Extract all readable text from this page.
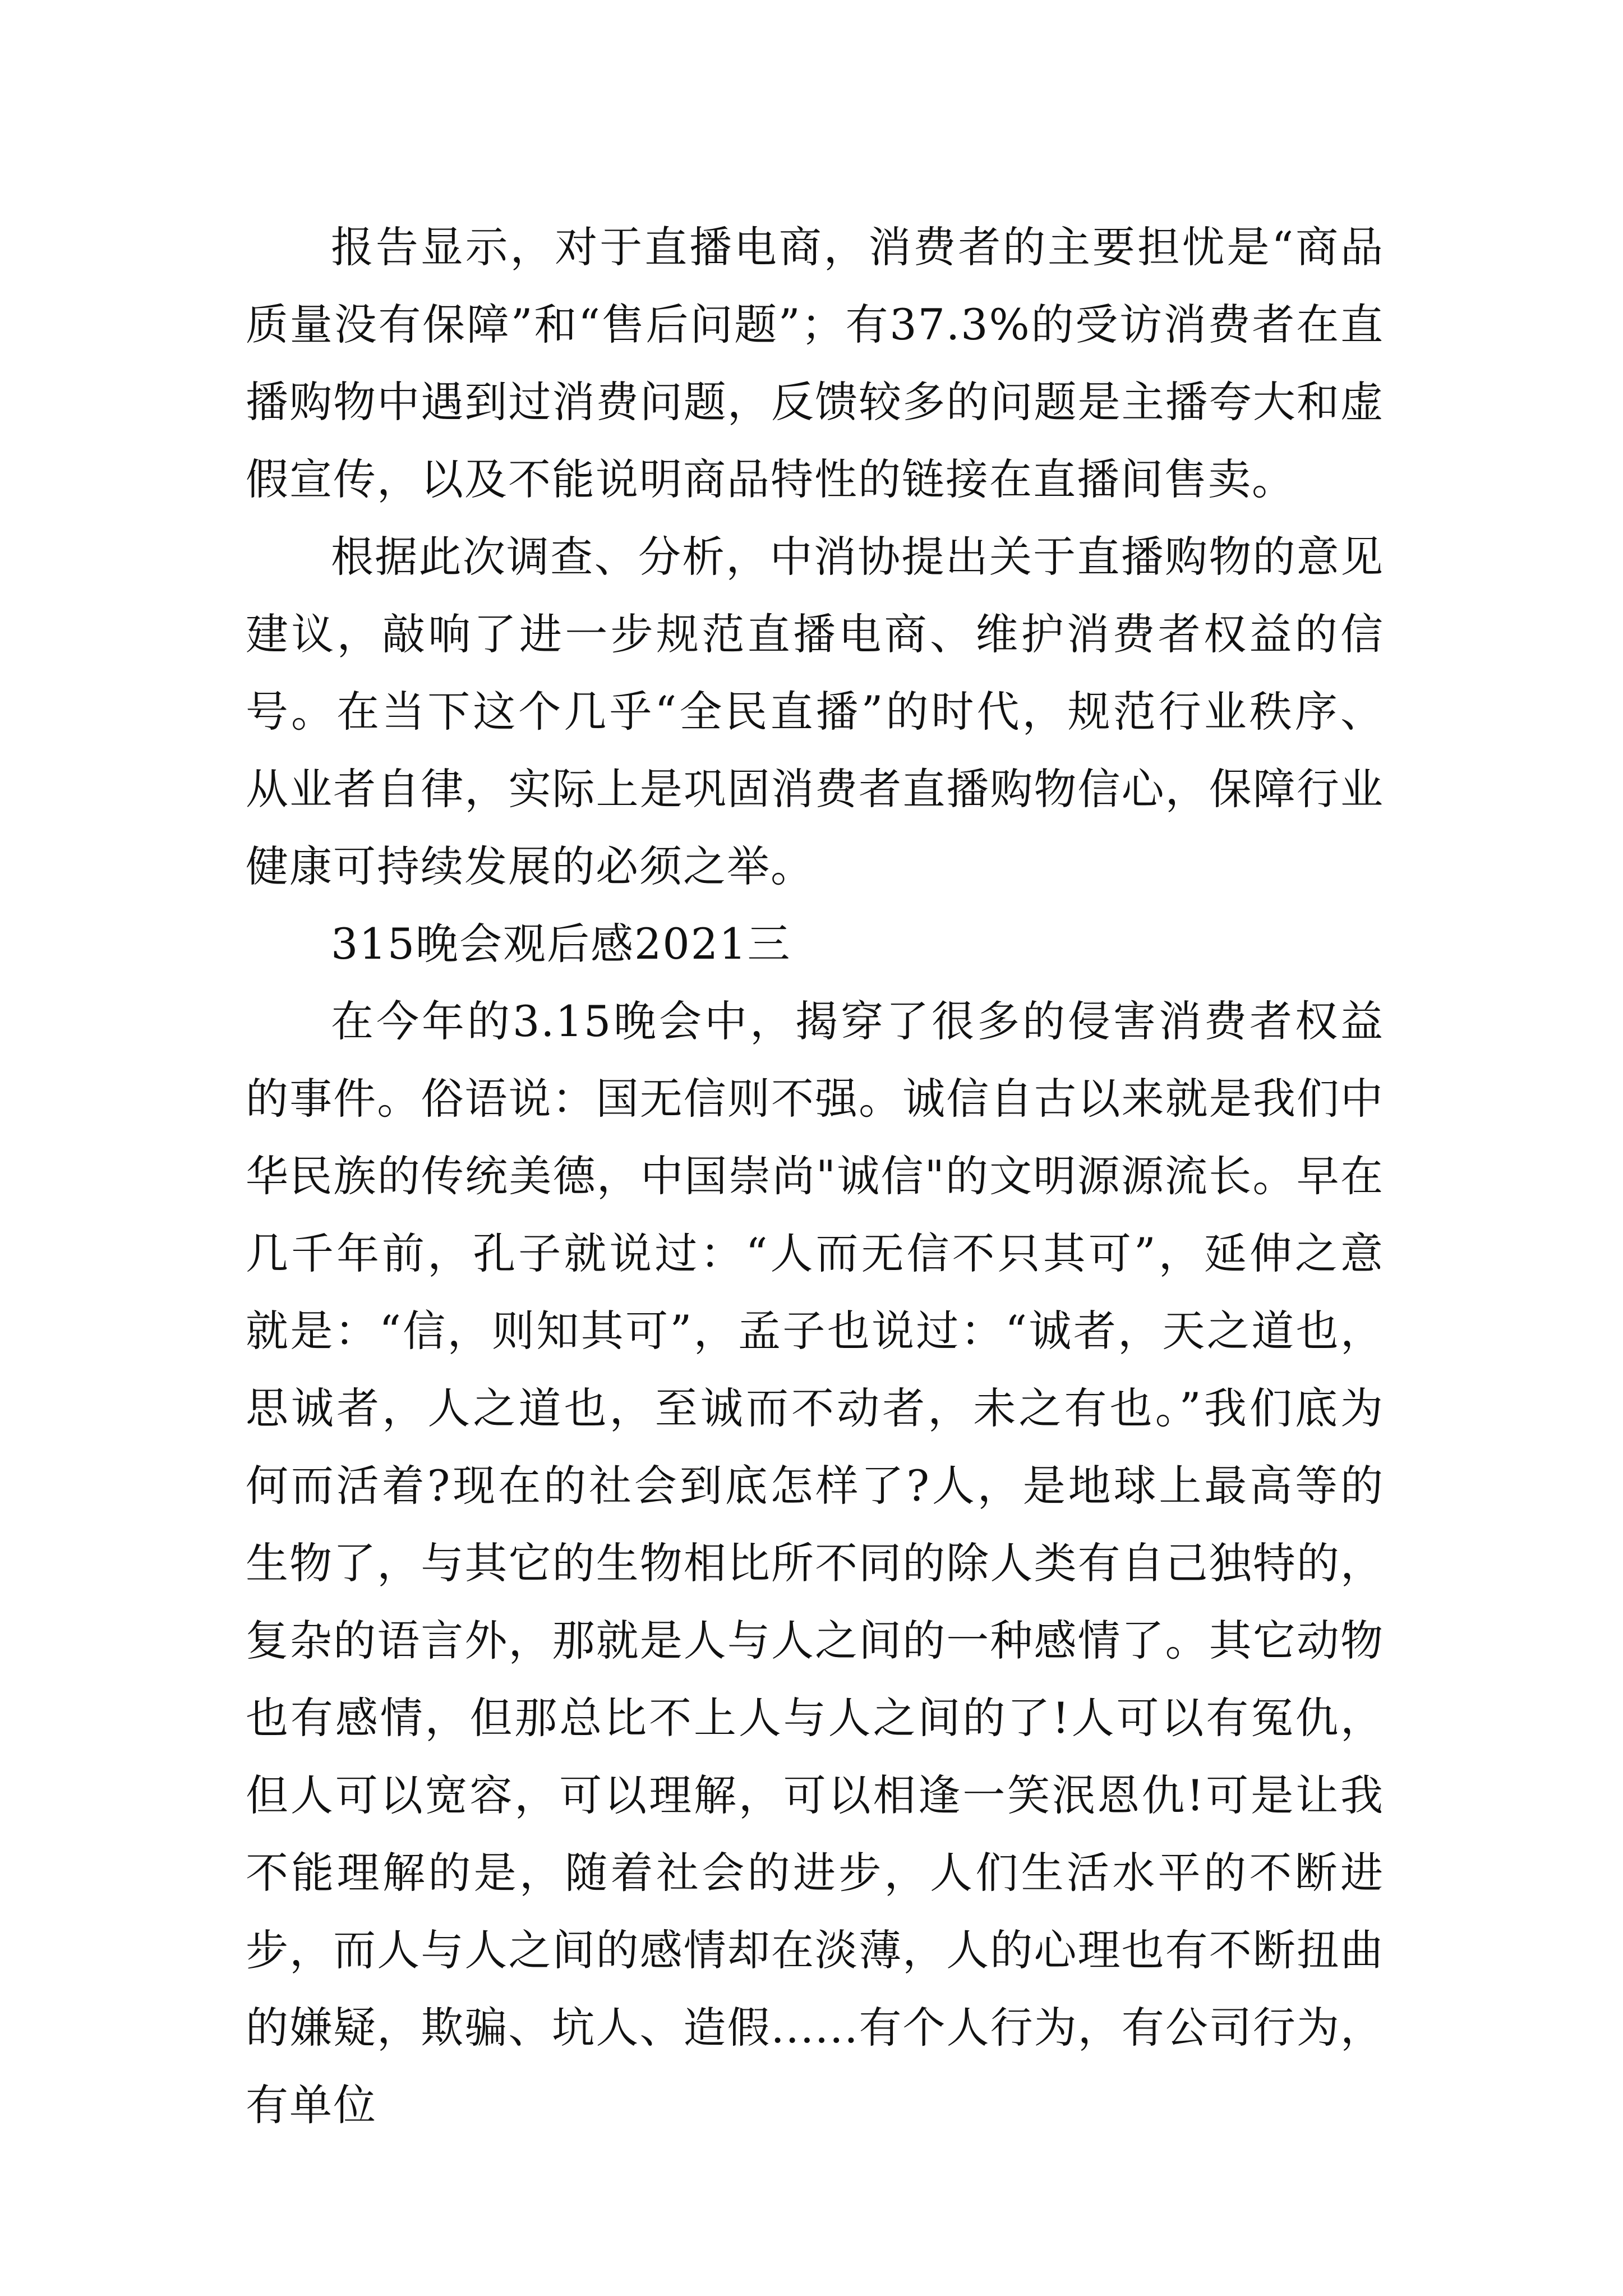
报告显示，对于直播电商，消费者的主要担忧是“商品质量没有保障”和“售后问题”；有37.3%的受访消费者在直播购物中遇到过消费问题，反馈较多的问题是主播夸大和虚假宣传，以及不能说明商品特性的链接在直播间售卖。

根据此次调查、分析，中消协提出关于直播购物的意见建议，敲响了进一步规范直播电商、维护消费者权益的信号。在当下这个几乎“全民直播”的时代，规范行业秩序、从业者自律，实际上是巩固消费者直播购物信心，保障行业健康可持续发展的必须之举。

315晚会观后感2021三

在今年的3.15晚会中，揭穿了很多的侵害消费者权益的事件。俗语说：国无信则不强。诚信自古以来就是我们中华民族的传统美德，中国崇尚"诚信"的文明源源流长。早在几千年前，孔子就说过：“人而无信不只其可”，延伸之意就是：“信，则知其可”，孟子也说过：“诚者，天之道也，思诚者，人之道也，至诚而不动者，未之有也。”我们底为何而活着?现在的社会到底怎样了?人，是地球上最高等的生物了，与其它的生物相比所不同的除人类有自己独特的，复杂的语言外，那就是人与人之间的一种感情了。其它动物也有感情，但那总比不上人与人之间的了!人可以有冤仇，但人可以宽容，可以理解，可以相逢一笑泯恩仇!可是让我不能理解的是，随着社会的进步，人们生活水平的不断进步，而人与人之间的感情却在淡薄，人的心理也有不断扭曲的嫌疑，欺骗、坑人、造假......有个人行为，有公司行为，有单位
